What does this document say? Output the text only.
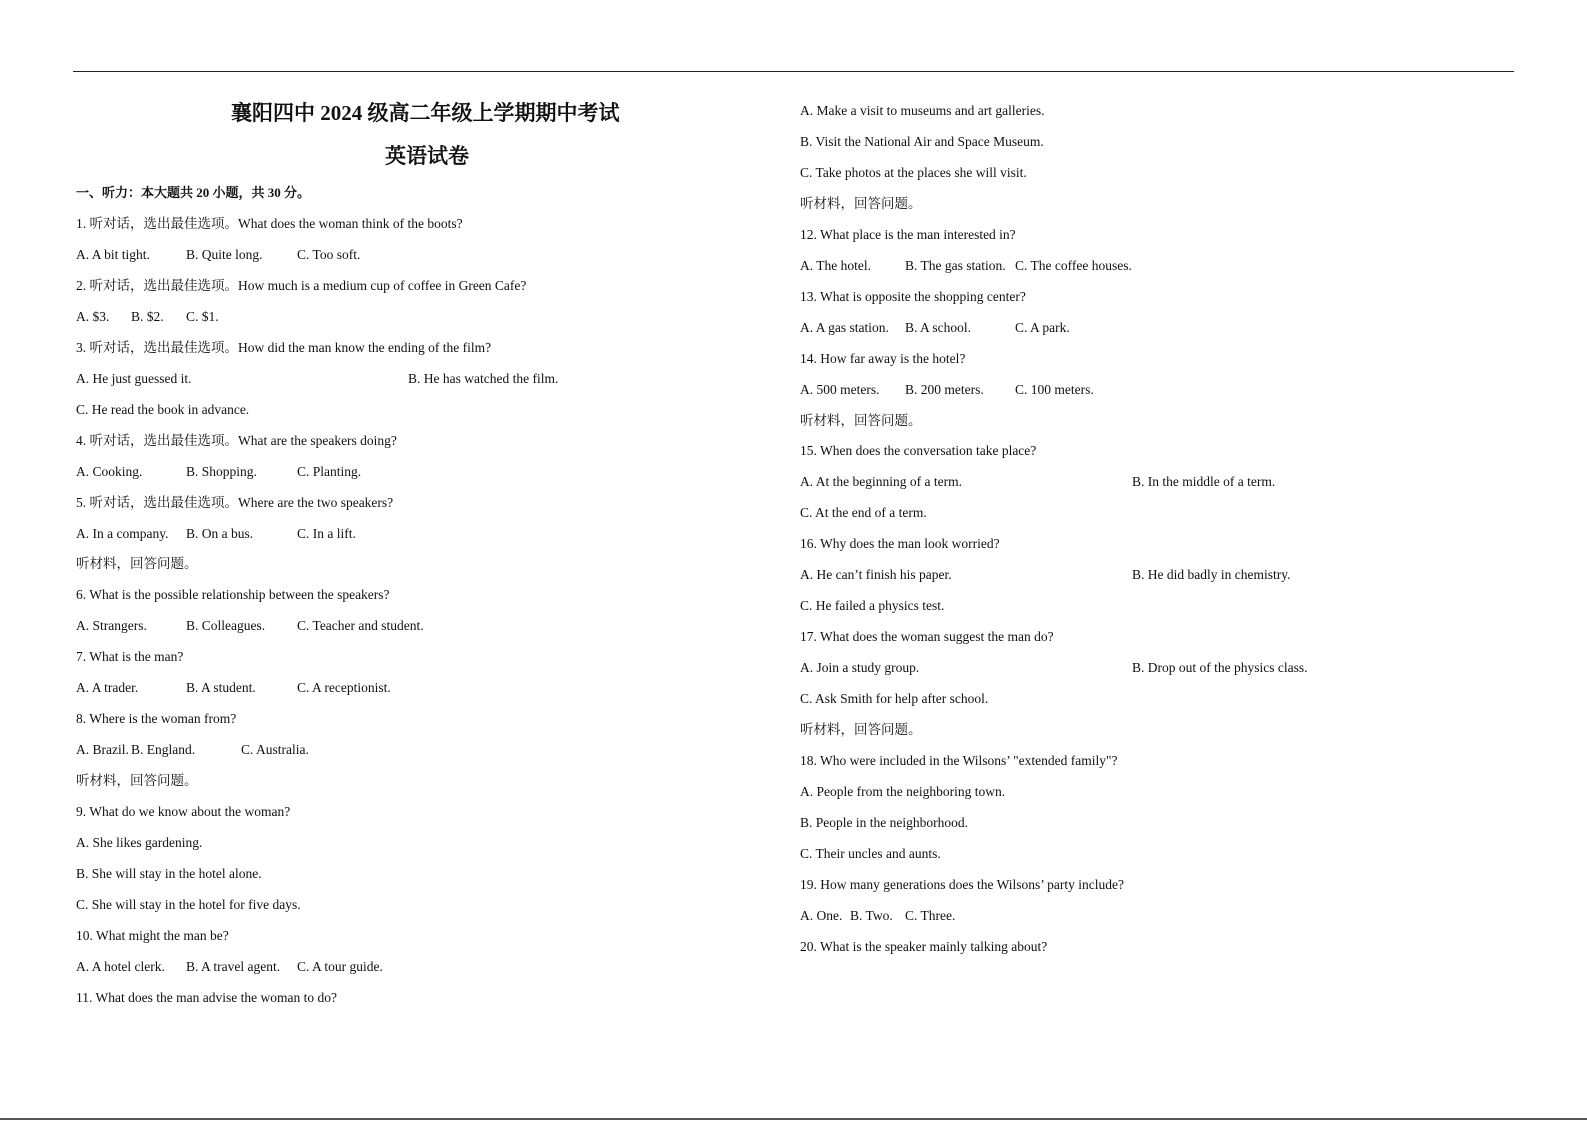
襄阳四中 2024 级高二年级上学期期中考试
英语试卷
一、听力：本大题共 20 小题，共 30 分。
1. 听对话，选出最佳选项。What does the woman think of the boots?
A. A bit tight.	B. Quite long.	C. Too soft.
2. 听对话，选出最佳选项。How much is a medium cup of coffee in Green Cafe?
A. $3. B. $2. C. $1.
3. 听对话，选出最佳选项。How did the man know the ending of the film?
A. He just guessed it.	B. He has watched the film.
C. He read the book in advance.
4. 听对话，选出最佳选项。What are the speakers doing?
A. Cooking.	B. Shopping.	C. Planting.
5. 听对话，选出最佳选项。Where are the two speakers?
A. In a company. B. On a bus.	C. In a lift.
听材料，回答问题。
6. What is the possible relationship between the speakers?
A. Strangers.	B. Colleagues. C. Teacher and student.
7. What is the man?
A. A trader.	B. A student.	C. A receptionist.
8. Where is the woman from?
A. Brazil. B. England.	C. Australia.
听材料，回答问题。
9. What do we know about the woman?
A. She likes gardening.
B. She will stay in the hotel alone.
C. She will stay in the hotel for five days.
10. What might the man be?
A. A hotel clerk. B. A travel agent. C. A tour guide.
11. What does the man advise the woman to do?
A. Make a visit to museums and art galleries.
B. Visit the National Air and Space Museum.
C. Take photos at the places she will visit.
听材料，回答问题。
12. What place is the man interested in?
A. The hotel.	B. The gas station. C. The coffee houses.
13. What is opposite the shopping center?
A. A gas station. B. A school.	C. A park.
14. How far away is the hotel?
A. 500 meters. B. 200 meters. C. 100 meters.
听材料，回答问题。
15. When does the conversation take place?
A. At the beginning of a term.	B. In the middle of a term.
C. At the end of a term.
16. Why does the man look worried?
A. He can’t finish his paper.	B. He did badly in chemistry.
C. He failed a physics test.
17. What does the woman suggest the man do?
A. Join a study group.	B. Drop out of the physics class.
C. Ask Smith for help after school.
听材料，回答问题。
18. Who were included in the Wilsons’ "extended family"?
A. People from the neighboring town.
B. People in the neighborhood.
C. Their uncles and aunts.
19. How many generations does the Wilsons’ party include?
A. One. B. Two. C. Three.
20. What is the speaker mainly talking about?
